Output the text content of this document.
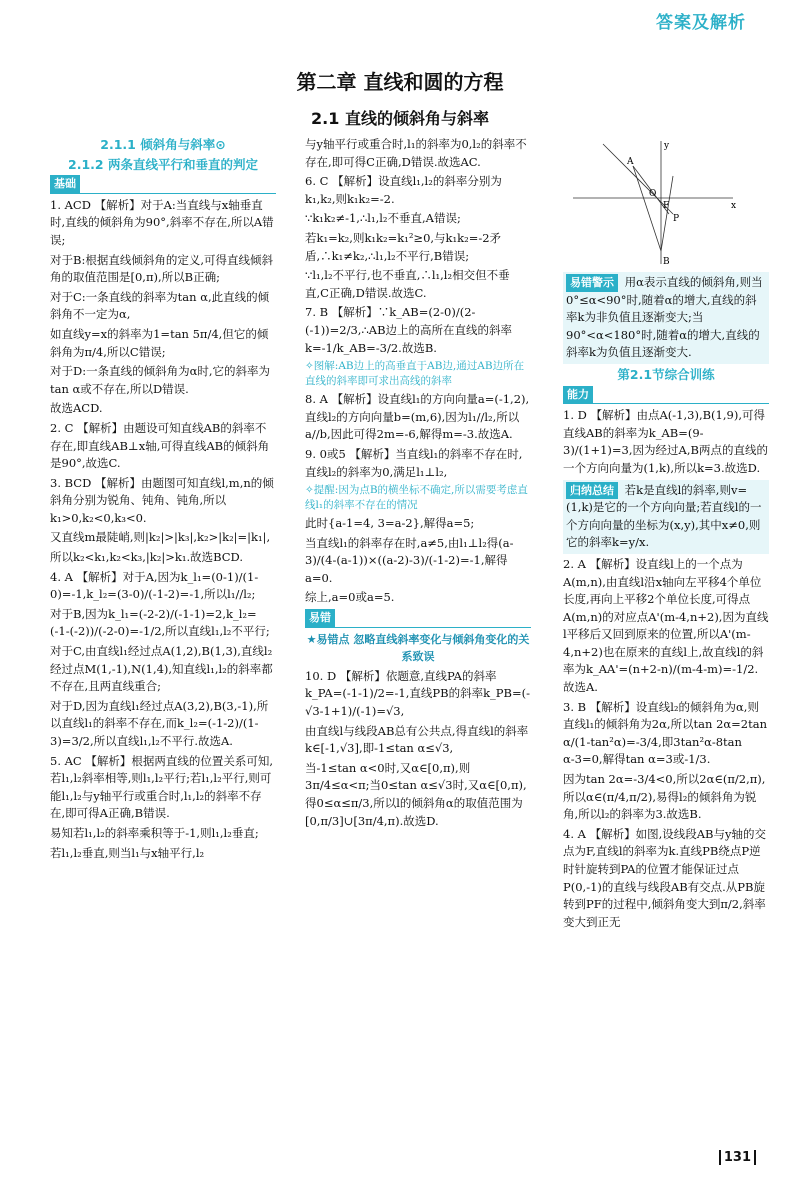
答案及解析
第二章 直线和圆的方程
2.1 直线的倾斜角与斜率

2.1.1 倾斜角与斜率⊙

2.1.2 两条直线平行和垂直的判定

基础

1. ACD 【解析】对于A:当直线与x轴垂直时,直线的倾斜角为90°,斜率不存在,所以A错误;

对于B:根据直线倾斜角的定义,可得直线倾斜角的取值范围是[0,π),所以B正确;

对于C:一条直线的斜率为tan α,此直线的倾斜角不一定为α,

如直线y=x的斜率为1=tan 5π/4,但它的倾斜角为π/4,所以C错误;

对于D:一条直线的倾斜角为α时,它的斜率为tan α或不存在,所以D错误.

故选ACD.

2. C 【解析】由题设可知直线AB的斜率不存在,即直线AB⊥x轴,可得直线AB的倾斜角是90°,故选C.

3. BCD 【解析】由题图可知直线l,m,n的倾斜角分别为锐角、钝角、钝角,所以k₁>0,k₂<0,k₃<0.

又直线m最陡峭,则|k₂|>|k₃|,k₂>|k₂|=|k₁|,

所以k₂<k₁,k₂<k₃,|k₂|>k₁.故选BCD.

4. A 【解析】对于A,因为k_l₁=(0-1)/(1-0)=-1,k_l₂=(3-0)/(-1-2)=-1,所以l₁//l₂;

对于B,因为k_l₁=(-2-2)/(-1-1)=2,k_l₂=(-1-(-2))/(-2-0)=-1/2,所以直线l₁,l₂不平行;

对于C,由直线l₁经过点A(1,2),B(1,3),直线l₂经过点M(1,-1),N(1,4),知直线l₁,l₂的斜率都不存在,且两直线重合;

对于D,因为直线l₁经过点A(3,2),B(3,-1),所以直线l₁的斜率不存在,而k_l₂=(-1-2)/(1-3)=3/2,所以直线l₁,l₂不平行.故选A.

5. AC 【解析】根据两直线的位置关系可知,若l₁,l₂斜率相等,则l₁,l₂平行;若l₁,l₂平行,则可能l₁,l₂与y轴平行或重合时,l₁,l₂的斜率不存在,即可得A正确,B错误.

易知若l₁,l₂的斜率乘积等于-1,则l₁,l₂垂直;

若l₁,l₂垂直,则当l₁与x轴平行,l₂

与y轴平行或重合时,l₁的斜率为0,l₂的斜率不存在,即可得C正确,D错误.故选AC.

6. C 【解析】设直线l₁,l₂的斜率分别为k₁,k₂,则k₁k₂=-2.

∵k₁k₂≠-1,∴l₁,l₂不垂直,A错误;

若k₁=k₂,则k₁k₂=k₁²≥0,与k₁k₂=-2矛盾,∴k₁≠k₂,∴l₁,l₂不平行,B错误;

∵l₁,l₂不平行,也不垂直,∴l₁,l₂相交但不垂直,C正确,D错误.故选C.

7. B 【解析】∵k_AB=(2-0)/(2-(-1))=2/3,∴AB边上的高所在直线的斜率k=-1/k_AB=-3/2.故选B.

✧图解:AB边上的高垂直于AB边,通过AB边所在直线的斜率即可求出高线的斜率

8. A 【解析】设直线l₁的方向向量a=(-1,2),直线l₂的方向向量b=(m,6),因为l₁//l₂,所以a//b,因此可得2m=-6,解得m=-3.故选A.

9. 0或5 【解析】当直线l₁的斜率不存在时,直线l₂的斜率为0,满足l₁⊥l₂,

✧提醒:因为点B的横坐标不确定,所以需要考虑直线l₁的斜率不存在的情况

此时{a-1=4, 3=a-2},解得a=5;

当直线l₁的斜率存在时,a≠5,由l₁⊥l₂得(a-3)/(4-(a-1))×((a-2)-3)/(-1-2)=-1,解得a=0.

综上,a=0或a=5.

易错

★易错点 忽略直线斜率变化与倾斜角变化的关系致误

10. D 【解析】依题意,直线PA的斜率k_PA=(-1-1)/2=-1,直线PB的斜率k_PB=(-√3-1+1)/(-1)=√3,

由直线l与线段AB总有公共点,得直线l的斜率k∈[-1,√3],即-1≤tan α≤√3,

当-1≤tan α<0时,又α∈[0,π),则3π/4≤α<π;当0≤tan α≤√3时,又α∈[0,π),得0≤α≤π/3,所以l的倾斜角α的取值范围为[0,π/3]∪[3π/4,π).故选D.

A
B
P
O
F	x
y

易错警示 用α表示直线的倾斜角,则当0°≤α<90°时,随着α的增大,直线的斜率k为非负值且逐渐变大;当90°<α<180°时,随着α的增大,直线的斜率k为负值且逐渐变大.

第2.1节综合训练

能力

1. D 【解析】由点A(-1,3),B(1,9),可得直线AB的斜率为k_AB=(9-3)/(1+1)=3,因为经过A,B两点的直线的一个方向向量为(1,k),所以k=3.故选D.

归纳总结 若k是直线l的斜率,则v=(1,k)是它的一个方向向量;若直线l的一个方向向量的坐标为(x,y),其中x≠0,则它的斜率k=y/x.

2. A 【解析】设直线l上的一个点为A(m,n),由直线l沿x轴向左平移4个单位长度,再向上平移2个单位长度,可得点A(m,n)的对应点A'(m-4,n+2),因为直线l平移后又回到原来的位置,所以A'(m-4,n+2)也在原来的直线l上,故直线l的斜率为k_AA'=(n+2-n)/(m-4-m)=-1/2.故选A.

3. B 【解析】设直线l₂的倾斜角为α,则直线l₁的倾斜角为2α,所以tan 2α=2tan α/(1-tan²α)=-3/4,即3tan²α-8tan α-3=0,解得tan α=3或-1/3.

因为tan 2α=-3/4<0,所以2α∈(π/2,π),所以α∈(π/4,π/2),易得l₂的倾斜角为锐角,所以l₂的斜率为3.故选B.

4. A 【解析】如图,设线段AB与y轴的交点为F,直线l的斜率为k.直线PB绕点P逆时针旋转到PA的位置才能保证过点P(0,-1)的直线与线段AB有交点.从PB旋转到PF的过程中,倾斜角变大到π/2,斜率变大到正无

131
